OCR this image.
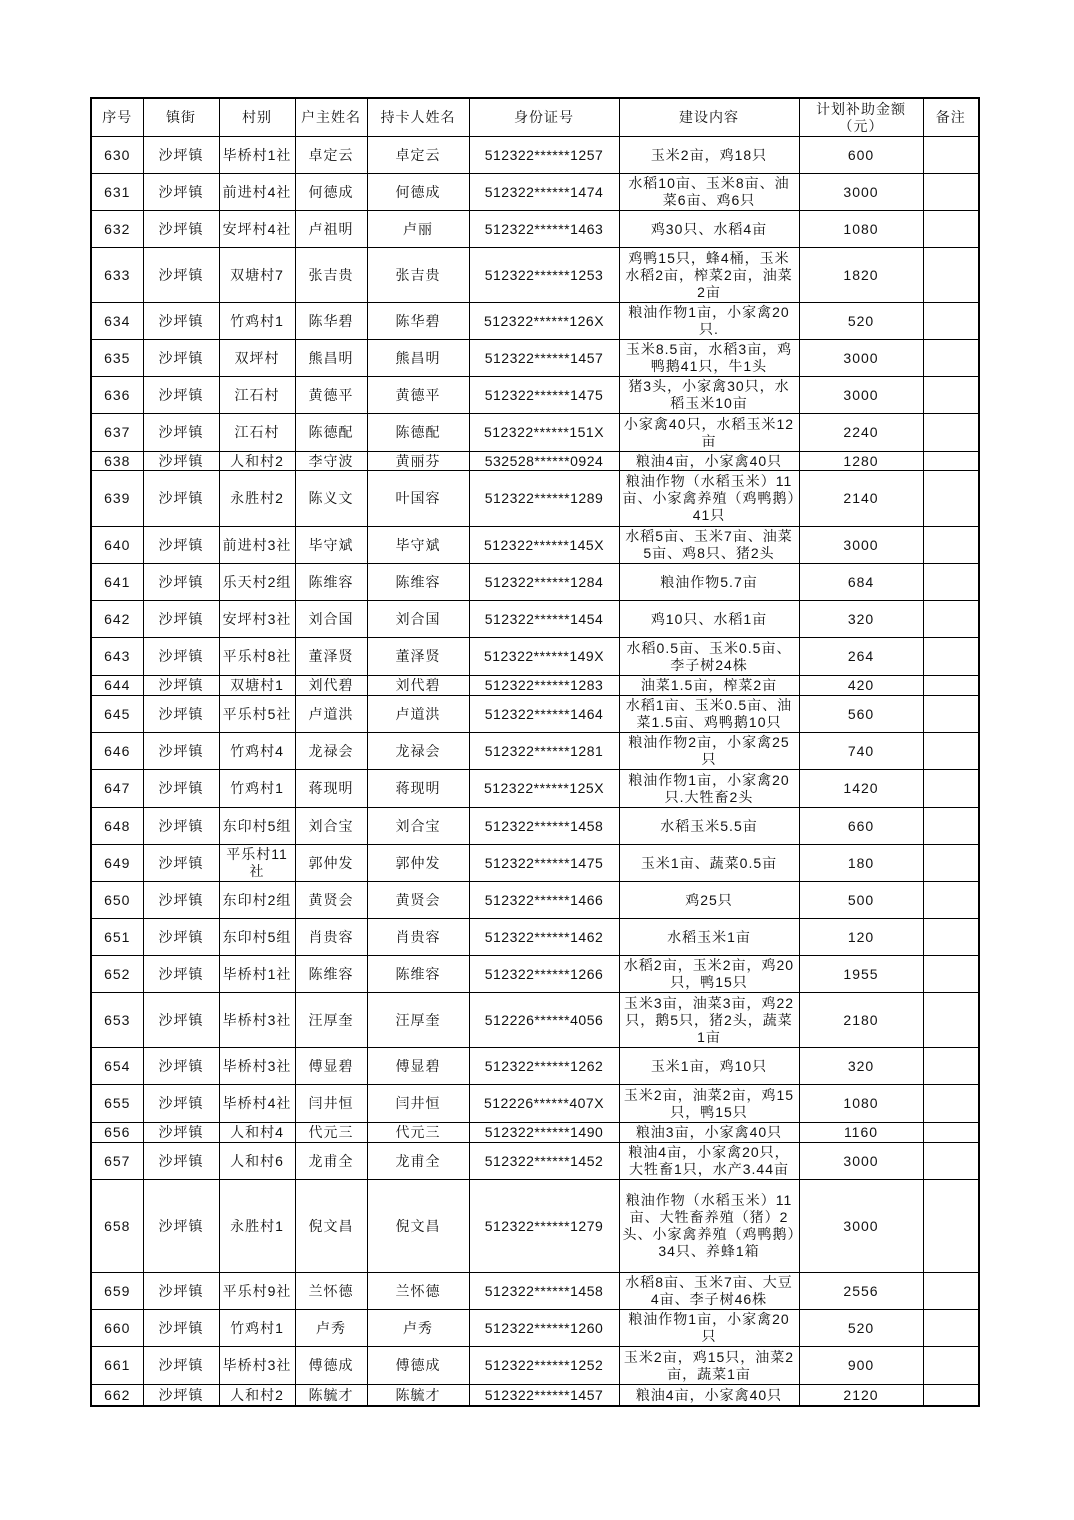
序号	镇街	村别	户主姓名	持卡人姓名	身份证号	建设内容	计划补助金额（元）	备注

630	沙坪镇	毕桥村1社	卓定云	卓定云	512322******1257	玉米2亩，鸡18只	600	

631	沙坪镇	前进村4社	何德成	何德成	512322******1474	水稻10亩、玉米8亩、油菜6亩、鸡6只	3000	

632	沙坪镇	安坪村4社	卢祖明	卢丽	512322******1463	鸡30只、水稻4亩	1080	

633	沙坪镇	双塘村7	张吉贵	张吉贵	512322******1253	鸡鸭15只，蜂4桶，玉米水稻2亩，榨菜2亩，油菜2亩	1820	

634	沙坪镇	竹鸡村1	陈华碧	陈华碧	512322******126X	粮油作物1亩，小家禽20只.	520	

635	沙坪镇	双坪村	熊昌明	熊昌明	512322******1457	玉米8.5亩，水稻3亩，鸡鸭鹅41只，牛1头	3000	

636	沙坪镇	江石村	黄德平	黄德平	512322******1475	猪3头，小家禽30只，水稻玉米10亩	3000	

637	沙坪镇	江石村	陈德配	陈德配	512322******151X	小家禽40只，水稻玉米12亩	2240	

638	沙坪镇	人和村2	李守波	黄丽芬	532528******0924	粮油4亩，小家禽40只	1280	

639	沙坪镇	永胜村2	陈义文	叶国容	512322******1289	粮油作物（水稻玉米）11亩、小家禽养殖（鸡鸭鹅）41只	2140	

640	沙坪镇	前进村3社	毕守斌	毕守斌	512322******145X	水稻5亩、玉米7亩、油菜5亩、鸡8只、猪2头	3000	

641	沙坪镇	乐天村2组	陈维容	陈维容	512322******1284	粮油作物5.7亩	684	

642	沙坪镇	安坪村3社	刘合国	刘合国	512322******1454	鸡10只、水稻1亩	320	

643	沙坪镇	平乐村8社	董泽贤	董泽贤	512322******149X	水稻0.5亩、玉米0.5亩、李子树24株	264	

644	沙坪镇	双塘村1	刘代碧	刘代碧	512322******1283	油菜1.5亩，榨菜2亩	420	

645	沙坪镇	平乐村5社	卢道洪	卢道洪	512322******1464	水稻1亩、玉米0.5亩、油菜1.5亩、鸡鸭鹅10只	560	

646	沙坪镇	竹鸡村4	龙禄会	龙禄会	512322******1281	粮油作物2亩，小家禽25只	740	

647	沙坪镇	竹鸡村1	蒋现明	蒋现明	512322******125X	粮油作物1亩，小家禽20只.大牲畜2头	1420	

648	沙坪镇	东印村5组	刘合宝	刘合宝	512322******1458	水稻玉米5.5亩	660	

649	沙坪镇	平乐村11社	郭仲发	郭仲发	512322******1475	玉米1亩、蔬菜0.5亩	180	

650	沙坪镇	东印村2组	黄贤会	黄贤会	512322******1466	鸡25只	500	

651	沙坪镇	东印村5组	肖贵容	肖贵容	512322******1462	水稻玉米1亩	120	

652	沙坪镇	毕桥村1社	陈维容	陈维容	512322******1266	水稻2亩，玉米2亩，鸡20只，鸭15只	1955	

653	沙坪镇	毕桥村3社	汪厚奎	汪厚奎	512226******4056	玉米3亩，油菜3亩，鸡22只，鹅5只，猪2头，蔬菜1亩	2180	

654	沙坪镇	毕桥村3社	傅显碧	傅显碧	512322******1262	玉米1亩，鸡10只	320	

655	沙坪镇	毕桥村4社	闫井恒	闫井恒	512226******407X	玉米2亩，油菜2亩，鸡15只，鸭15只	1080	

656	沙坪镇	人和村4	代元三	代元三	512322******1490	粮油3亩，小家禽40只	1160	

657	沙坪镇	人和村6	龙甫全	龙甫全	512322******1452	粮油4亩，小家禽20只，大牲畜1只，水产3.44亩	3000	

658	沙坪镇	永胜村1	倪文昌	倪文昌	512322******1279	粮油作物（水稻玉米）11亩、大牲畜养殖（猪）2头、小家禽养殖（鸡鸭鹅）34只、养蜂1箱	3000	

659	沙坪镇	平乐村9社	兰怀德	兰怀德	512322******1458	水稻8亩、玉米7亩、大豆4亩、李子树46株	2556	

660	沙坪镇	竹鸡村1	卢秀	卢秀	512322******1260	粮油作物1亩，小家禽20只	520	

661	沙坪镇	毕桥村3社	傅德成	傅德成	512322******1252	玉米2亩，鸡15只，油菜2亩，蔬菜1亩	900	

662	沙坪镇	人和村2	陈毓才	陈毓才	512322******1457	粮油4亩，小家禽40只	2120	
